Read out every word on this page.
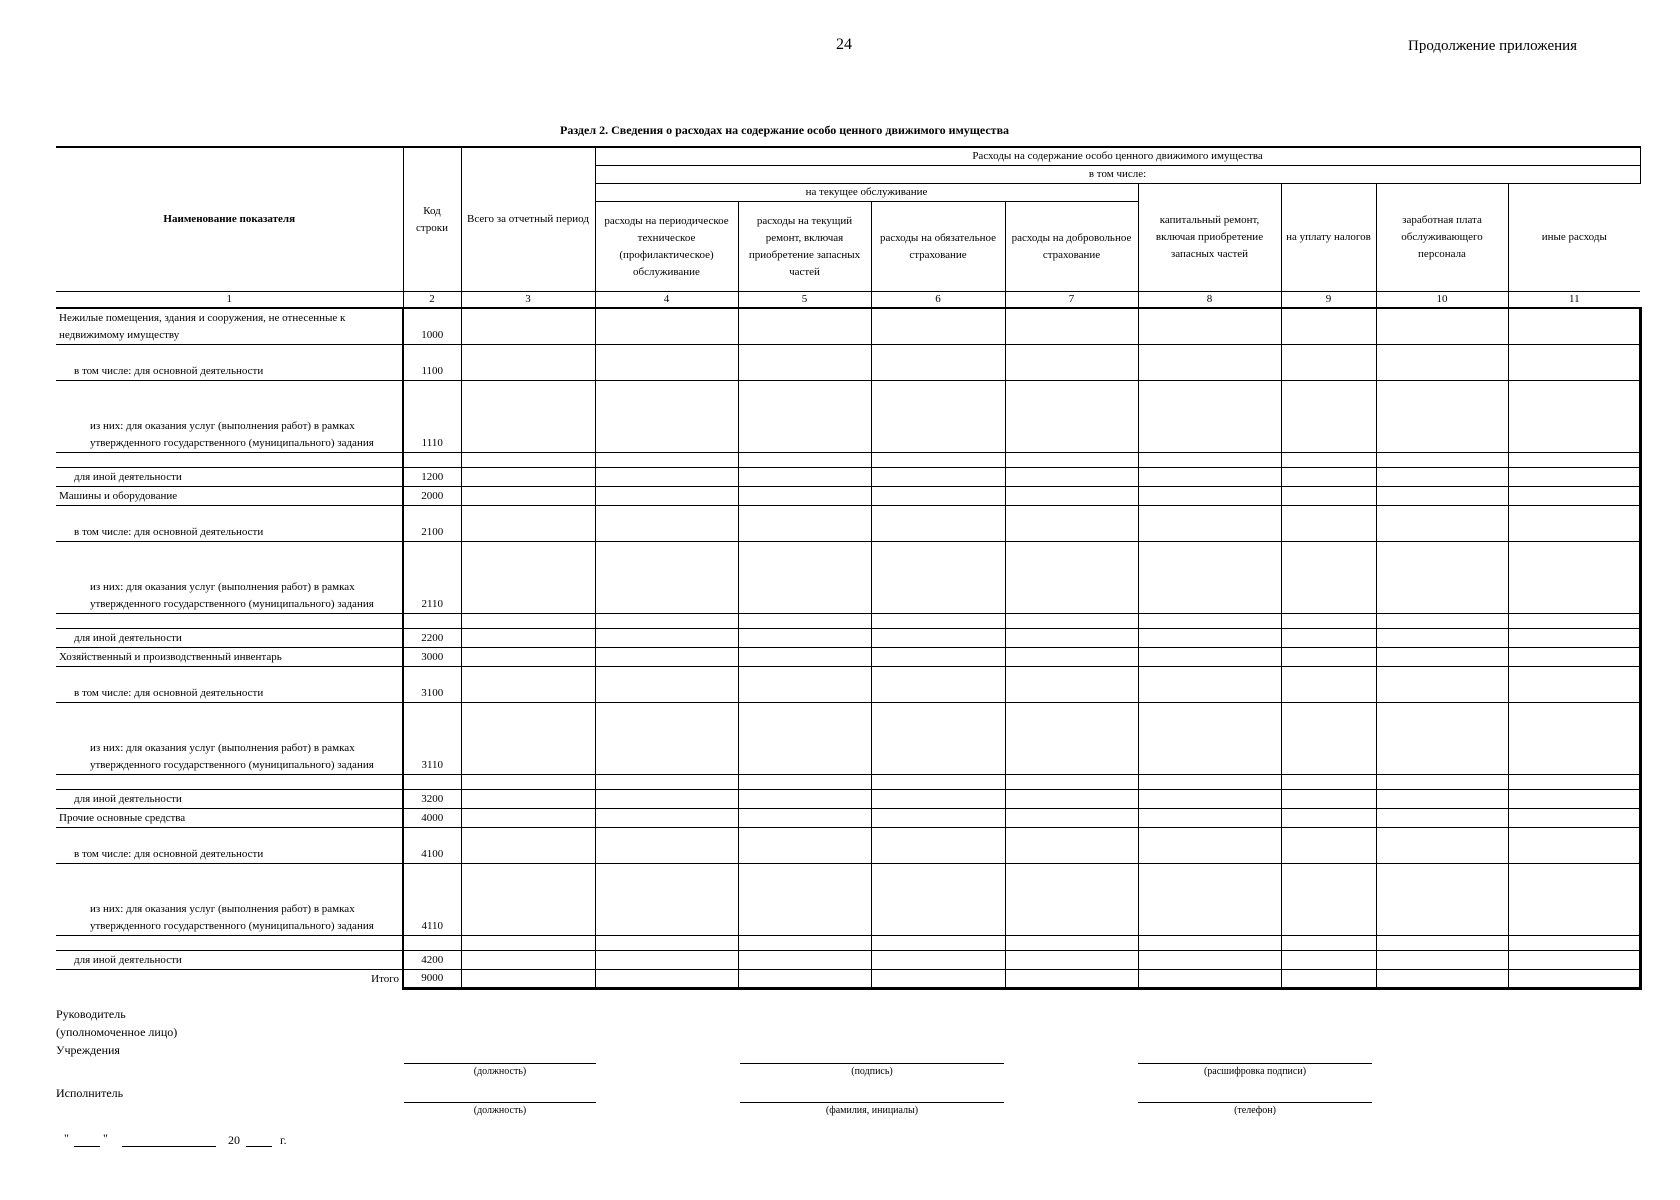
24	Продолжение приложения
Раздел 2. Сведения о расходах на содержание особо ценного движимого имущества
Наименование показателя	Код строки	Всего за отчетный период	Расходы на содержание особо ценного движимого имущества							
			в том числе:							
			на текущее обслуживание				капитальный ремонт, включая приобретение запасных частей	на уплату налогов	заработная плата обслуживающего персонала	иные расходы
			расходы на периодическое техническое (профилактическое) обслуживание	расходы на текущий ремонт, включая приобретение запасных частей	расходы на обязательное страхование	расходы на добровольное страхование				
1	2	3	4	5	6	7	8	9	10	11
Нежилые помещения, здания и сооружения, не отнесенные к недвижимому имуществу	1000									
в том числе: для основной деятельности	1100									
из них: для оказания услуг (выполнения работ) в рамках утвержденного государственного (муниципального) задания	1110									

для иной деятельности	1200									
Машины и оборудование	2000									
в том числе: для основной деятельности	2100									
из них: для оказания услуг (выполнения работ) в рамках утвержденного государственного (муниципального) задания	2110									

для иной деятельности	2200									
Хозяйственный и производственный инвентарь	3000									
в том числе: для основной деятельности	3100									
из них: для оказания услуг (выполнения работ) в рамках утвержденного государственного (муниципального) задания	3110									

для иной деятельности	3200									
Прочие основные средства	4000									
в том числе: для основной деятельности	4100									
из них: для оказания услуг (выполнения работ) в рамках утвержденного государственного (муниципального) задания	4110									

для иной деятельности	4200									
Итого	9000									
Руководитель
(уполномоченное лицо)
Учреждения
(должность)	(подпись)	(расшифровка подписи)
Исполнитель
(должность)	(фамилия, инициалы)	(телефон)
"	"	20	г.
